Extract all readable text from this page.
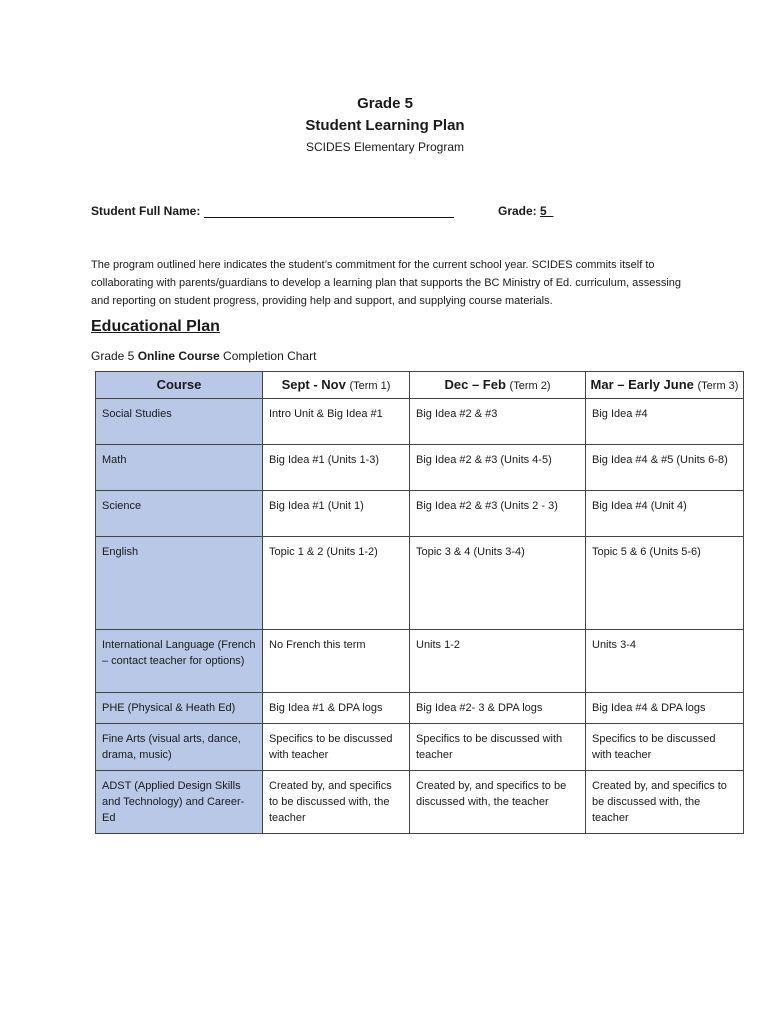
Grade 5
Student Learning Plan
SCIDES Elementary Program
Student Full Name:	Grade: 5_
The program outlined here indicates the student’s commitment for the current school year. SCIDES commits itself to collaborating with parents/guardians to develop a learning plan that supports the BC Ministry of Ed. curriculum, assessing and reporting on student progress, providing help and support, and supplying course materials.
Educational Plan
Grade 5 Online Course Completion Chart
Course	Sept - Nov (Term 1)	Dec – Feb (Term 2)	Mar – Early June (Term 3)
Social Studies	Intro Unit & Big Idea #1	Big Idea #2 & #3	Big Idea #4
Math	Big Idea #1 (Units 1-3)	Big Idea #2 & #3 (Units 4-5)	Big Idea #4 & #5 (Units 6-8)
Science	Big Idea #1 (Unit 1)	Big Idea #2 & #3 (Units 2 - 3)	Big Idea #4 (Unit 4)
English	Topic 1 & 2 (Units 1-2)	Topic 3 & 4 (Units 3-4)	Topic 5 & 6 (Units 5-6)
International Language (French – contact teacher for options)	No French this term	Units 1-2	Units 3-4
PHE (Physical & Heath Ed)	Big Idea #1 & DPA logs	Big Idea #2- 3 & DPA logs	Big Idea #4 & DPA logs
Fine Arts (visual arts, dance, drama, music)	Specifics to be discussed with teacher	Specifics to be discussed with teacher	Specifics to be discussed with teacher
ADST (Applied Design Skills and Technology) and Career-Ed	Created by, and specifics to be discussed with, the teacher	Created by, and specifics to be discussed with, the teacher	Created by, and specifics to be discussed with, the teacher
